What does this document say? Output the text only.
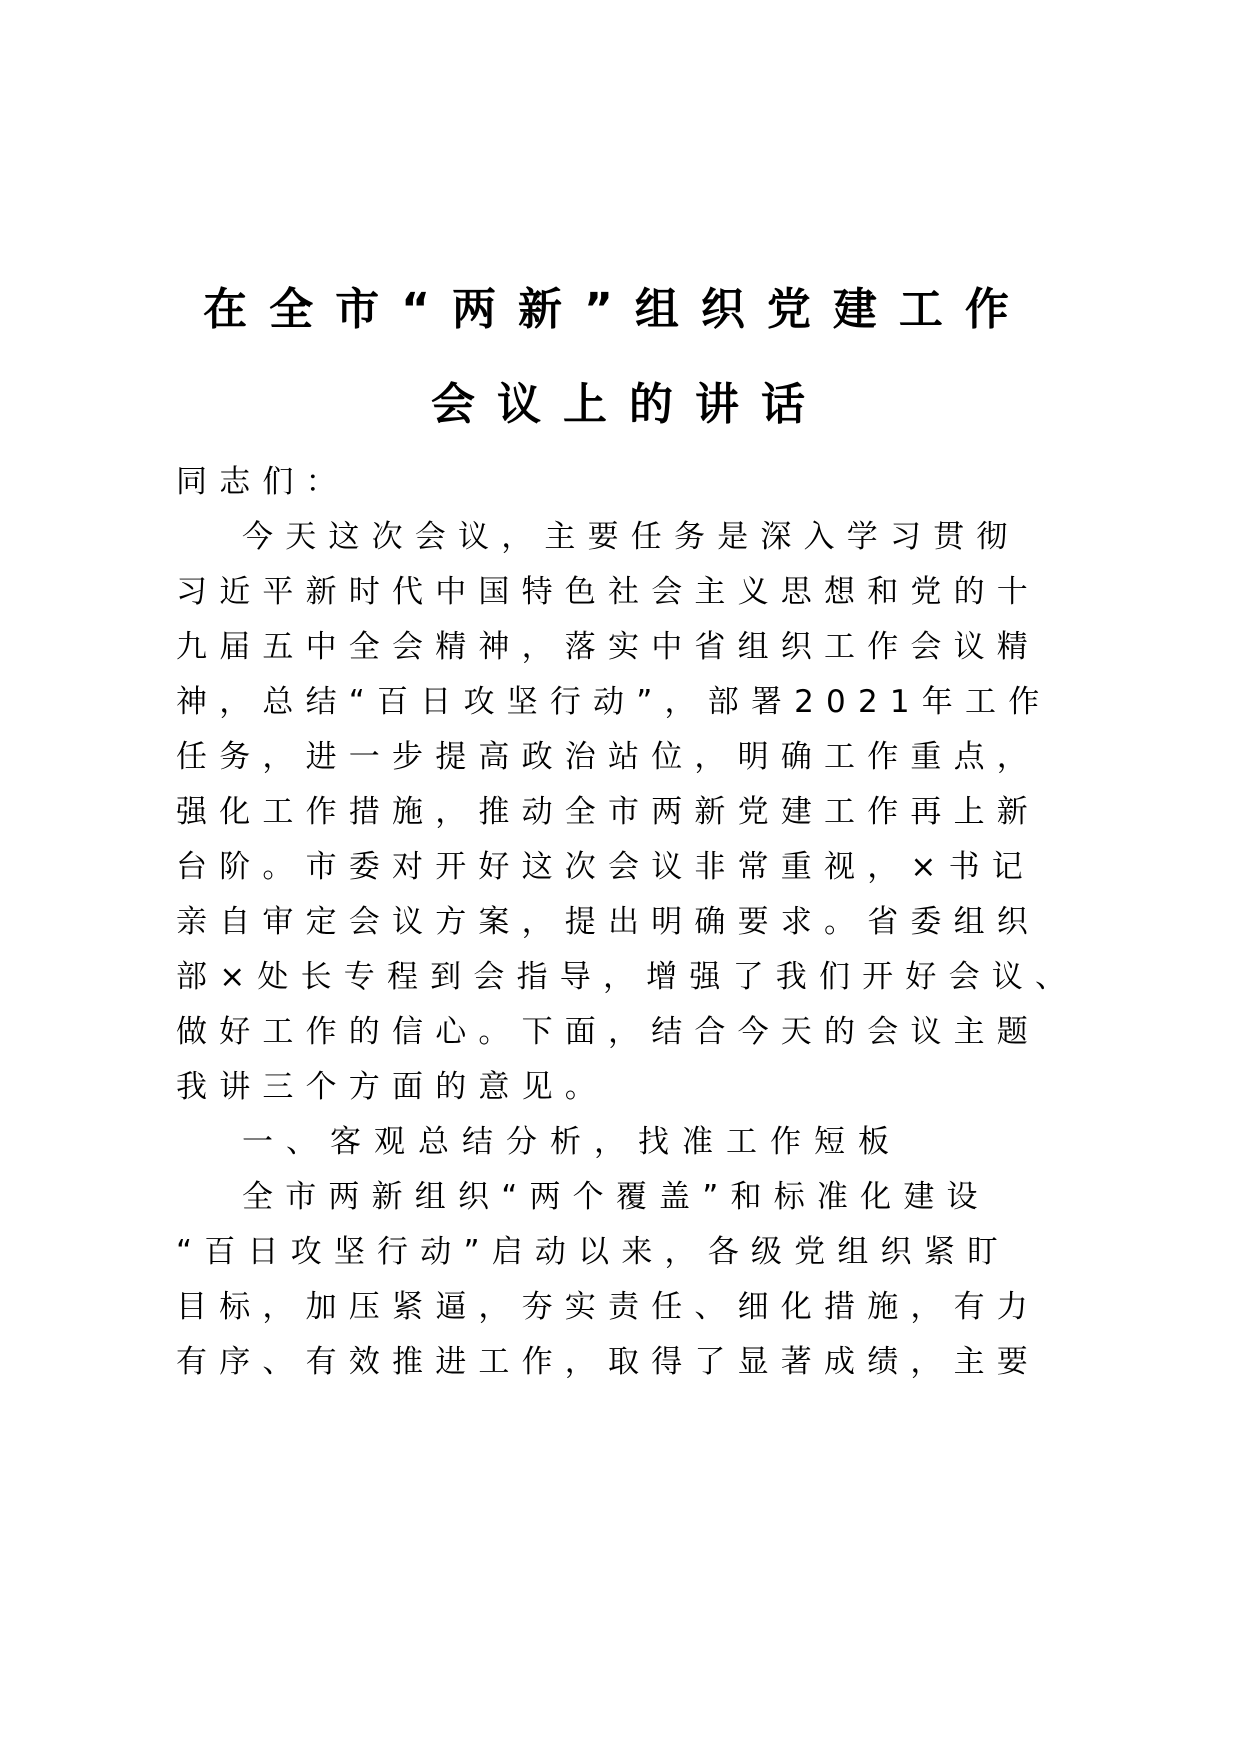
在全市“两新”组织党建工作
会议上的讲话
同志们：
今天这次会议，主要任务是深入学习贯彻
习近平新时代中国特色社会主义思想和党的十
九届五中全会精神，落实中省组织工作会议精
神，总结“百日攻坚行动”，部署2021年工作
任务，进一步提高政治站位，明确工作重点，
强化工作措施，推动全市两新党建工作再上新
台阶。市委对开好这次会议非常重视，×书记
亲自审定会议方案，提出明确要求。省委组织
部×处长专程到会指导，增强了我们开好会议、
做好工作的信心。下面，结合今天的会议主题
我讲三个方面的意见。
一、客观总结分析，找准工作短板
全市两新组织“两个覆盖”和标准化建设
“百日攻坚行动”启动以来，各级党组织紧盯
目标，加压紧逼，夯实责任、细化措施，有力
有序、有效推进工作，取得了显著成绩，主要
